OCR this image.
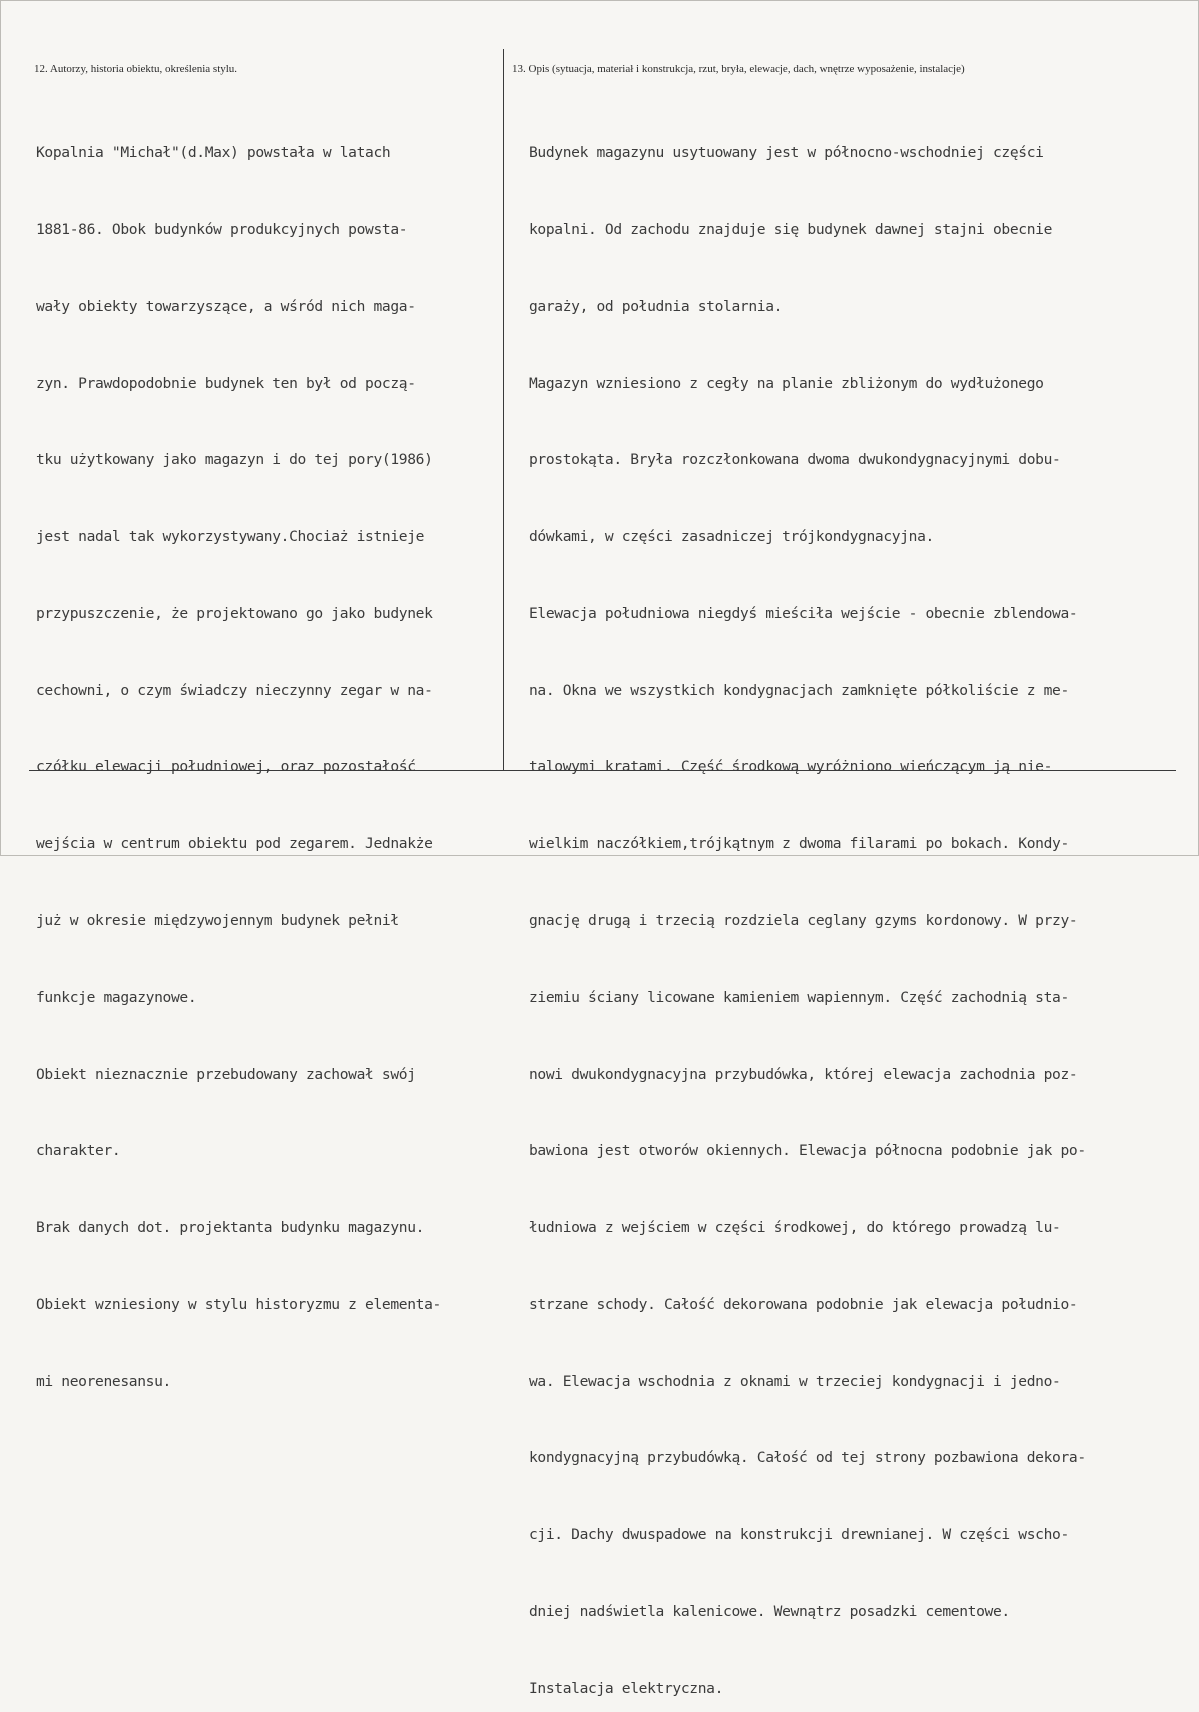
12. Autorzy, historia obiektu, określenia stylu.	13. Opis (sytuacja, materiał i konstrukcja, rzut, bryła, elewacje, dach, wnętrze wyposażenie, instalacje)

Kopalnia "Michał"(d.Max) powstała w latach

1881-86. Obok budynków produkcyjnych powsta-

wały obiekty towarzyszące, a wśród nich maga-

zyn. Prawdopodobnie budynek ten był od począ-

tku użytkowany jako magazyn i do tej pory(1986)

jest nadal tak wykorzystywany.Chociaż istnieje

przypuszczenie, że projektowano go jako budynek

cechowni, o czym świadczy nieczynny zegar w na-

czółku elewacji południowej, oraz pozostałość

wejścia w centrum obiektu pod zegarem. Jednakże

już w okresie międzywojennym budynek pełnił

funkcje magazynowe.

Obiekt nieznacznie przebudowany zachował swój

charakter.

Brak danych dot. projektanta budynku magazynu.

Obiekt wzniesiony w stylu historyzmu z elementa-

mi neorenesansu.

Budynek magazynu usytuowany jest w północno-wschodniej części

kopalni. Od zachodu znajduje się budynek dawnej stajni obecnie

garaży, od południa stolarnia.

Magazyn wzniesiono z cegły na planie zbliżonym do wydłużonego

prostokąta. Bryła rozczłonkowana dwoma dwukondygnacyjnymi dobu-

dówkami, w części zasadniczej trójkondygnacyjna.

Elewacja południowa niegdyś mieściła wejście - obecnie zblendowa-

na. Okna we wszystkich kondygnacjach zamknięte półkoliście z me-

talowymi kratami. Część środkową wyróżniono wieńczącym ją nie-

wielkim naczółkiem,trójkątnym z dwoma filarami po bokach. Kondy-

gnację drugą i trzecią rozdziela ceglany gzyms kordonowy. W przy-

ziemiu ściany licowane kamieniem wapiennym. Część zachodnią sta-

nowi dwukondygnacyjna przybudówka, której elewacja zachodnia poz-

bawiona jest otworów okiennych. Elewacja północna podobnie jak po-

łudniowa z wejściem w części środkowej, do którego prowadzą lu-

strzane schody. Całość dekorowana podobnie jak elewacja południo-

wa. Elewacja wschodnia z oknami w trzeciej kondygnacji i jedno-

kondygnacyjną przybudówką. Całość od tej strony pozbawiona dekora-

cji. Dachy dwuspadowe na konstrukcji drewnianej. W części wscho-

dniej nadświetla kalenicowe. Wewnątrz posadzki cementowe.

Instalacja elektryczna.
